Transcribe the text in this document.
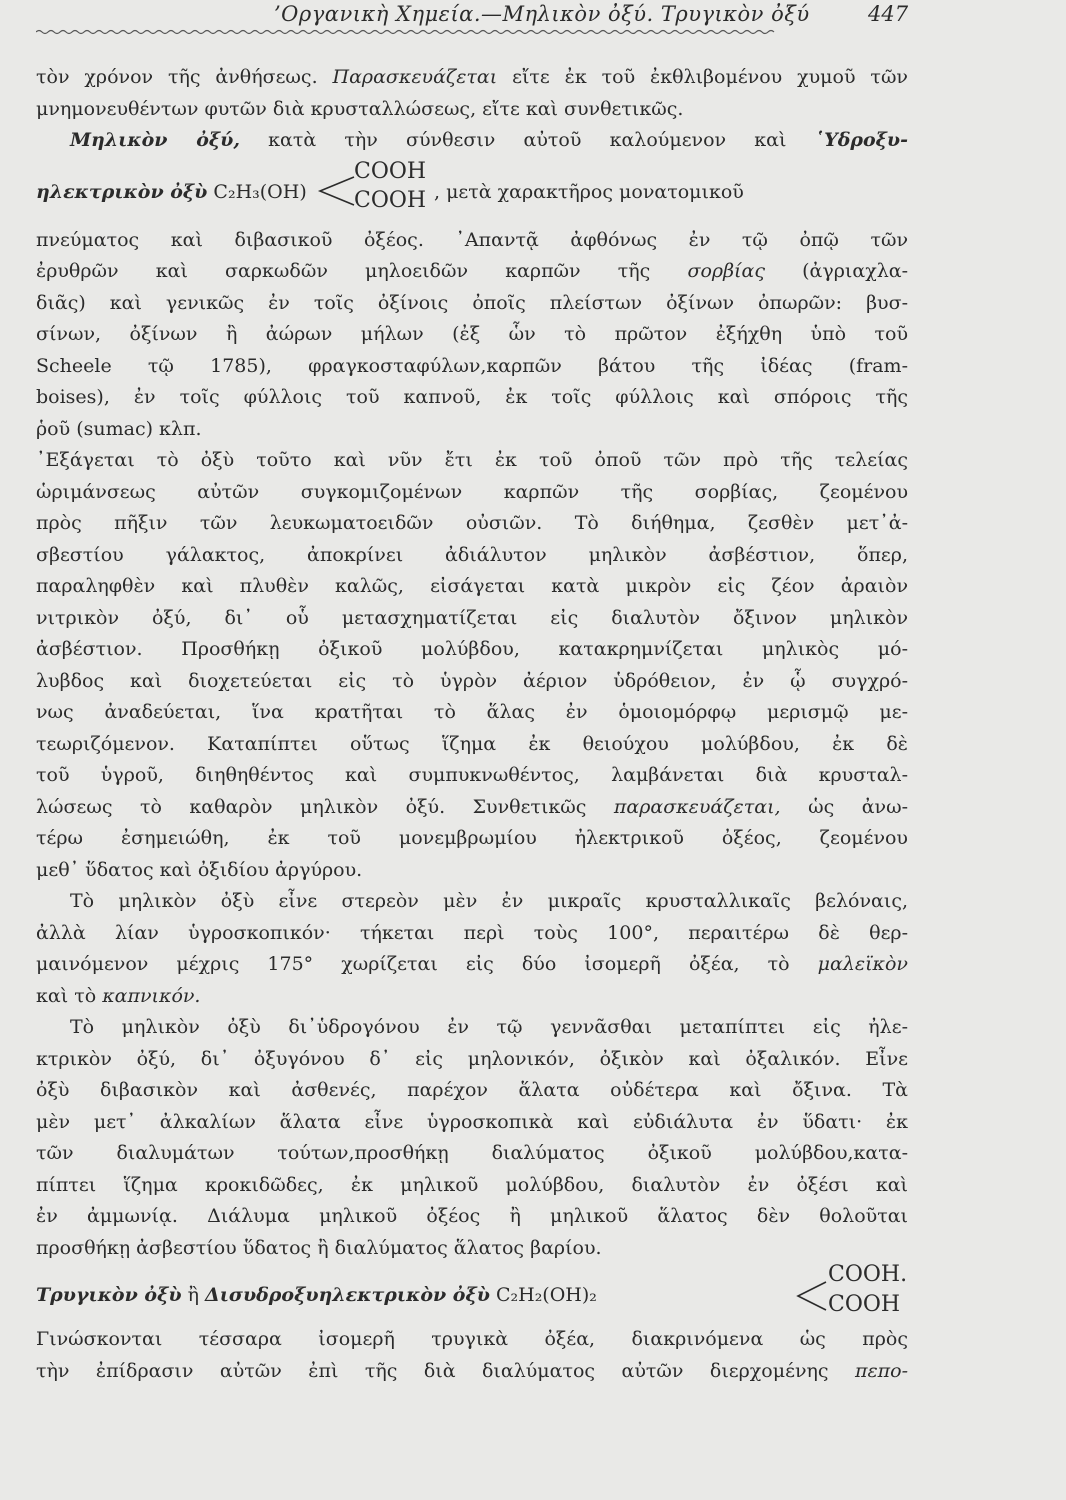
’Οργανικὴ Χημεία.—Μηλικὸν ὀξύ. Τρυγικὸν ὀξύ	447
τὸν χρόνον τῆς ἀνθήσεως. Παρασκευάζεται εἴτε ἐκ τοῦ ἐκθλιβομένου χυμοῦ τῶν
μνημονευθέντων φυτῶν διὰ κρυσταλλώσεως, εἴτε καὶ συνθετικῶς.
Μηλικὸν ὀξύ, κατὰ τὴν σύνθεσιν αὐτοῦ καλούμενον καὶ ῾Υδροξυ-
ηλεκτρικὸν ὀξὺ C₂H₃(OH)
COOH
COOH , μετὰ χαρακτῆρος μονατομικοῦ
πνεύματος καὶ διβασικοῦ ὀξέος. ᾿Απαντᾷ ἀφθόνως ἐν τῷ ὀπῷ τῶν
ἐρυθρῶν καὶ σαρκωδῶν μηλοειδῶν καρπῶν τῆς σορβίας (ἀγριαχλα-
διᾶς) καὶ γενικῶς ἐν τοῖς ὀξίνοις ὀποῖς πλείστων ὀξίνων ὀπωρῶν: βυσ-
σίνων, ὀξίνων ἢ ἀώρων μήλων (ἐξ ὧν τὸ πρῶτον ἐξήχθη ὑπὸ τοῦ
Scheele τῷ 1785), φραγκοσταφύλων,καρπῶν βάτου τῆς ἰδέας (fram-
boises), ἐν τοῖς φύλλοις τοῦ καπνοῦ, ἐκ τοῖς φύλλοις καὶ σπόροις τῆς
ῥοῦ (sumac) κλπ.
᾿Εξάγεται τὸ ὀξὺ τοῦτο καὶ νῦν ἔτι ἐκ τοῦ ὀποῦ τῶν πρὸ τῆς τελείας
ὡριμάνσεως αὐτῶν συγκομιζομένων καρπῶν τῆς σορβίας, ζεομένου
πρὸς πῆξιν τῶν λευκωματοειδῶν οὐσιῶν. Τὸ διήθημα, ζεσθὲν μετ᾿ἀ-
σβεστίου γάλακτος, ἀποκρίνει ἀδιάλυτον μηλικὸν ἀσβέστιον, ὅπερ,
παραληφθὲν καὶ πλυθὲν καλῶς, εἰσάγεται κατὰ μικρὸν εἰς ζέον ἀραιὸν
νιτρικὸν ὀξύ, δι᾿ οὗ μετασχηματίζεται εἰς διαλυτὸν ὄξινον μηλικὸν
ἀσβέστιον. Προσθήκῃ ὀξικοῦ μολύβδου, κατακρημνίζεται μηλικὸς μό-
λυβδος καὶ διοχετεύεται εἰς τὸ ὑγρὸν ἀέριον ὑδρόθειον, ἐν ᾧ συγχρό-
νως ἀναδεύεται, ἵνα κρατῆται τὸ ἅλας ἐν ὁμοιομόρφῳ μερισμῷ με-
τεωριζόμενον. Καταπίπτει οὕτως ἵζημα ἐκ θειούχου μολύβδου, ἐκ δὲ
τοῦ ὑγροῦ, διηθηθέντος καὶ συμπυκνωθέντος, λαμβάνεται διὰ κρυσταλ-
λώσεως τὸ καθαρὸν μηλικὸν ὀξύ. Συνθετικῶς παρασκευάζεται, ὡς ἀνω-
τέρω ἐσημειώθη, ἐκ τοῦ μονεμβρωμίου ἠλεκτρικοῦ ὀξέος, ζεομένου
μεθ᾿ ὕδατος καὶ ὀξιδίου ἀργύρου.
Τὸ μηλικὸν ὀξὺ εἶνε στερεὸν μὲν ἐν μικραῖς κρυσταλλικαῖς βελόναις,
ἀλλὰ λίαν ὑγροσκοπικόν· τήκεται περὶ τοὺς 100°, περαιτέρω δὲ θερ-
μαινόμενον μέχρις 175° χωρίζεται εἰς δύο ἰσομερῆ ὀξέα, τὸ μαλεϊκὸν
καὶ τὸ καπνικόν.
Τὸ μηλικὸν ὀξὺ δι᾿ὑδρογόνου ἐν τῷ γεννᾶσθαι μεταπίπτει εἰς ἠλε-
κτρικὸν ὀξύ, δι᾿ ὀξυγόνου δ᾿ εἰς μηλονικόν, ὀξικὸν καὶ ὀξαλικόν. Εἶνε
ὀξὺ διβασικὸν καὶ ἀσθενές, παρέχον ἅλατα οὐδέτερα καὶ ὄξινα. Τὰ
μὲν μετ᾿ ἀλκαλίων ἅλατα εἶνε ὑγροσκοπικὰ καὶ εὐδιάλυτα ἐν ὕδατι· ἐκ
τῶν διαλυμάτων τούτων,προσθήκῃ διαλύματος ὀξικοῦ μολύβδου,κατα-
πίπτει ἵζημα κροκιδῶδες, ἐκ μηλικοῦ μολύβδου, διαλυτὸν ἐν ὀξέσι καὶ
ἐν ἀμμωνίᾳ. Διάλυμα μηλικοῦ ὀξέος ἢ μηλικοῦ ἅλατος δὲν θολοῦται
προσθήκῃ ἀσβεστίου ὕδατος ἢ διαλύματος ἅλατος βαρίου.
Τρυγικὸν ὀξὺ ἢ Δισυδροξυηλεκτρικὸν ὀξὺ C₂H₂(OH)₂
COOH.
COOH
Γινώσκονται τέσσαρα ἰσομερῆ τρυγικὰ ὀξέα, διακρινόμενα ὡς πρὸς
τὴν ἐπίδρασιν αὐτῶν ἐπὶ τῆς διὰ διαλύματος αὐτῶν διερχομένης πεπο-
